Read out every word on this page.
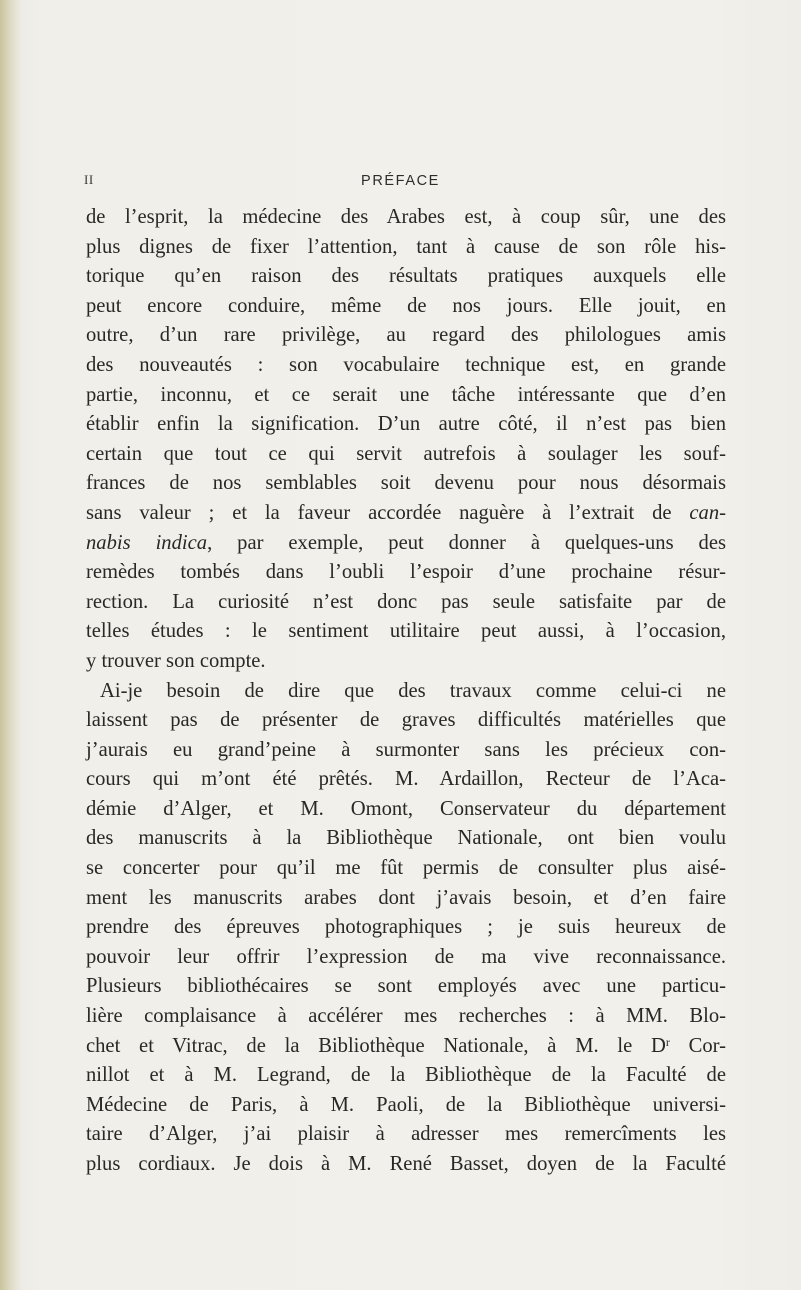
II	PRÉFACE
de l’esprit, la médecine des Arabes est, à coup sûr, une des
plus dignes de fixer l’attention, tant à cause de son rôle his-
torique qu’en raison des résultats pratiques auxquels elle
peut encore conduire, même de nos jours. Elle jouit, en
outre, d’un rare privilège, au regard des philologues amis
des nouveautés : son vocabulaire technique est, en grande
partie, inconnu, et ce serait une tâche intéressante que d’en
établir enfin la signification. D’un autre côté, il n’est pas bien
certain que tout ce qui servit autrefois à soulager les souf-
frances de nos semblables soit devenu pour nous désormais
sans valeur ; et la faveur accordée naguère à l’extrait de can-
nabis indica, par exemple, peut donner à quelques-uns des
remèdes tombés dans l’oubli l’espoir d’une prochaine résur-
rection. La curiosité n’est donc pas seule satisfaite par de
telles études : le sentiment utilitaire peut aussi, à l’occasion,
y trouver son compte.
Ai-je besoin de dire que des travaux comme celui-ci ne
laissent pas de présenter de graves difficultés matérielles que
j’aurais eu grand’peine à surmonter sans les précieux con-
cours qui m’ont été prêtés. M. Ardaillon, Recteur de l’Aca-
démie d’Alger, et M. Omont, Conservateur du département
des manuscrits à la Bibliothèque Nationale, ont bien voulu
se concerter pour qu’il me fût permis de consulter plus aisé-
ment les manuscrits arabes dont j’avais besoin, et d’en faire
prendre des épreuves photographiques ; je suis heureux de
pouvoir leur offrir l’expression de ma vive reconnaissance.
Plusieurs bibliothécaires se sont employés avec une particu-
lière complaisance à accélérer mes recherches : à MM. Blo-
chet et Vitrac, de la Bibliothèque Nationale, à M. le $D^r$ Cor-
nillot et à M. Legrand, de la Bibliothèque de la Faculté de
Médecine de Paris, à M. Paoli, de la Bibliothèque universi-
taire d’Alger, j’ai plaisir à adresser mes remercîments les
plus cordiaux. Je dois à M. René Basset, doyen de la Faculté
